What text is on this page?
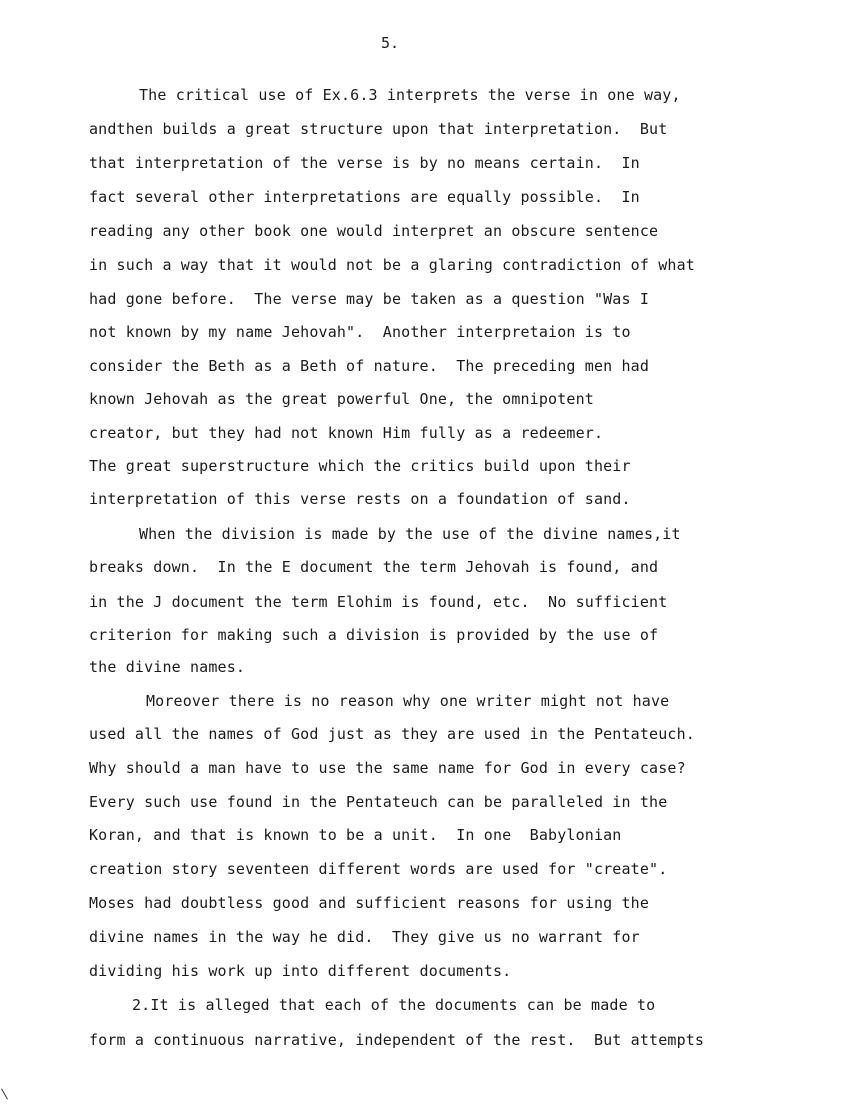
5.
The critical use of Ex.6.3 interprets the verse in one way,
andthen builds a great structure upon that interpretation.  But
that interpretation of the verse is by no means certain.  In
fact several other interpretations are equally possible.  In
reading any other book one would interpret an obscure sentence
in such a way that it would not be a glaring contradiction of what
had gone before.  The verse may be taken as a question "Was I
not known by my name Jehovah".  Another interpretaion is to
consider the Beth as a Beth of nature.  The preceding men had
known Jehovah as the great powerful One, the omnipotent
creator, but they had not known Him fully as a redeemer.
The great superstructure which the critics build upon their
interpretation of this verse rests on a foundation of sand.
When the division is made by the use of the divine names,it
breaks down.  In the E document the term Jehovah is found, and
in the J document the term Elohim is found, etc.  No sufficient
criterion for making such a division is provided by the use of
the divine names.
Moreover there is no reason why one writer might not have
used all the names of God just as they are used in the Pentateuch.
Why should a man have to use the same name for God in every case?
Every such use found in the Pentateuch can be paralleled in the
Koran, and that is known to be a unit.  In one  Babylonian
creation story seventeen different words are used for "create".
Moses had doubtless good and sufficient reasons for using the
divine names in the way he did.  They give us no warrant for
dividing his work up into different documents.
2.It is alleged that each of the documents can be made to
form a continuous narrative, independent of the rest.  But attempts
